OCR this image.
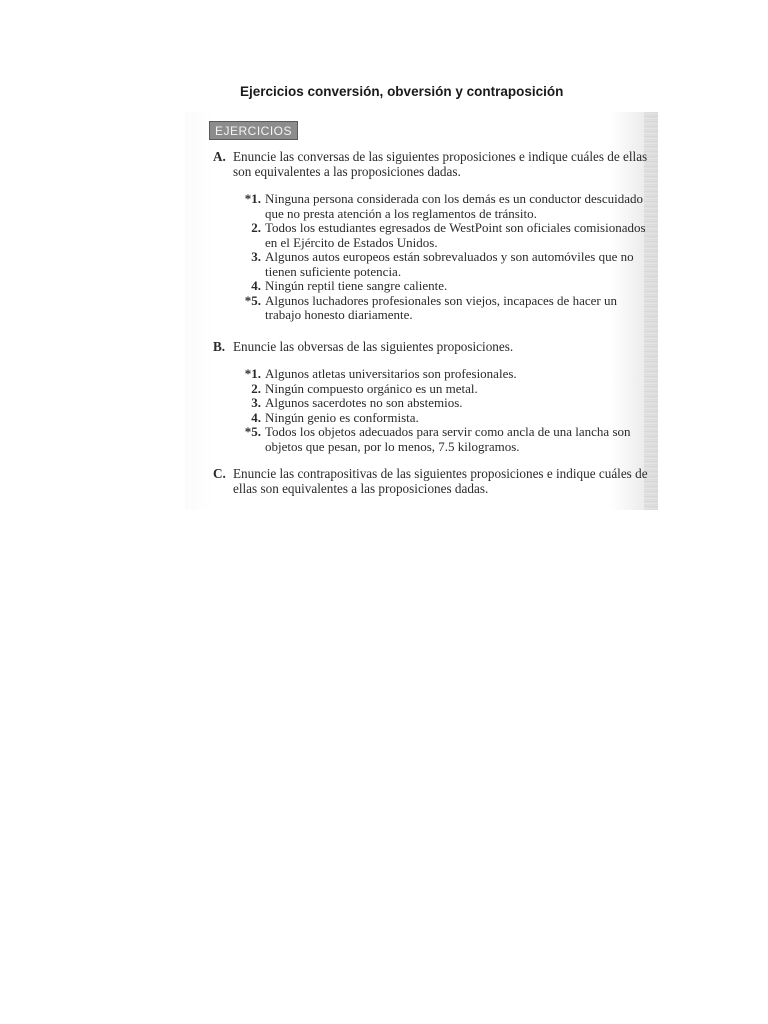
Ejercicios conversión, obversión y contraposición
EJERCICIOS
A. Enuncie las conversas de las siguientes proposiciones e indique cuáles de ellas son equivalentes a las proposiciones dadas.
*1. Ninguna persona considerada con los demás es un conductor descuidado que no presta atención a los reglamentos de tránsito.
2. Todos los estudiantes egresados de WestPoint son oficiales comisionados en el Ejército de Estados Unidos.
3. Algunos autos europeos están sobrevaluados y son automóviles que no tienen suficiente potencia.
4. Ningún reptil tiene sangre caliente.
*5. Algunos luchadores profesionales son viejos, incapaces de hacer un trabajo honesto diariamente.
B. Enuncie las obversas de las siguientes proposiciones.
*1. Algunos atletas universitarios son profesionales.
2. Ningún compuesto orgánico es un metal.
3. Algunos sacerdotes no son abstemios.
4. Ningún genio es conformista.
*5. Todos los objetos adecuados para servir como ancla de una lancha son objetos que pesan, por lo menos, 7.5 kilogramos.
C. Enuncie las contrapositivas de las siguientes proposiciones e indique cuáles de ellas son equivalentes a las proposiciones dadas.
